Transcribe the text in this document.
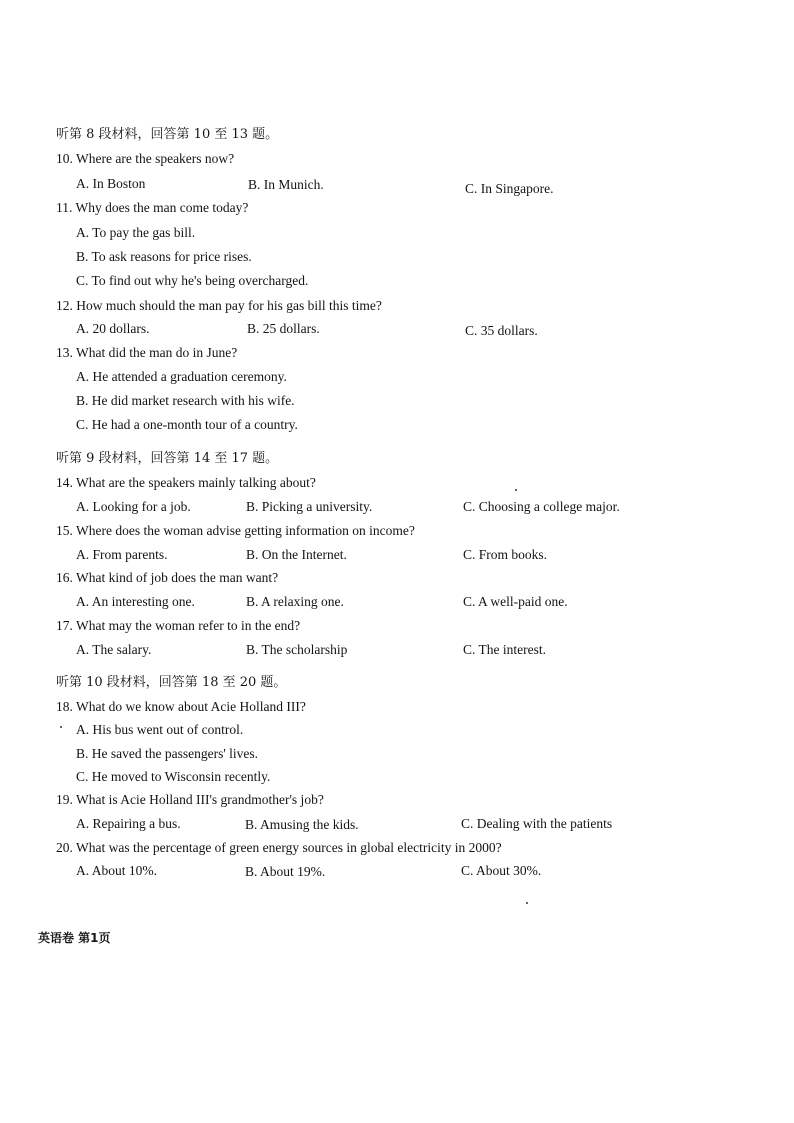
听第 8 段材料，回答第 10 至 13 题。
10. Where are the speakers now?
A. In Boston	B. In Munich.	C. In Singapore.
11. Why does the man come today?
A. To pay the gas bill.
B. To ask reasons for price rises.
C. To find out why he's being overcharged.
12. How much should the man pay for his gas bill this time?
A. 20 dollars.	B. 25 dollars.	C. 35 dollars.
13. What did the man do in June?
A. He attended a graduation ceremony.
B. He did market research with his wife.
C. He had a one-month tour of a country.
听第 9 段材料，回答第 14 至 17 题。
14. What are the speakers mainly talking about?
A. Looking for a job.	B. Picking a university.	C. Choosing a college major.
15. Where does the woman advise getting information on income?
A. From parents.	B. On the Internet.	C. From books.
16. What kind of job does the man want?
A. An interesting one.	B. A relaxing one.	C. A well-paid one.
17. What may the woman refer to in the end?
A. The salary.	B. The scholarship	C. The interest.
听第 10 段材料，回答第 18 至 20 题。
18. What do we know about Acie Holland III?
A. His bus went out of control.
B. He saved the passengers' lives.
C. He moved to Wisconsin recently.
19. What is Acie Holland III's grandmother's job?
A. Repairing a bus.	B. Amusing the kids.	C. Dealing with the patients
20. What was the percentage of green energy sources in global electricity in 2000?
A. About 10%.	B. About 19%.	C. About 30%.
英语卷 第1页
